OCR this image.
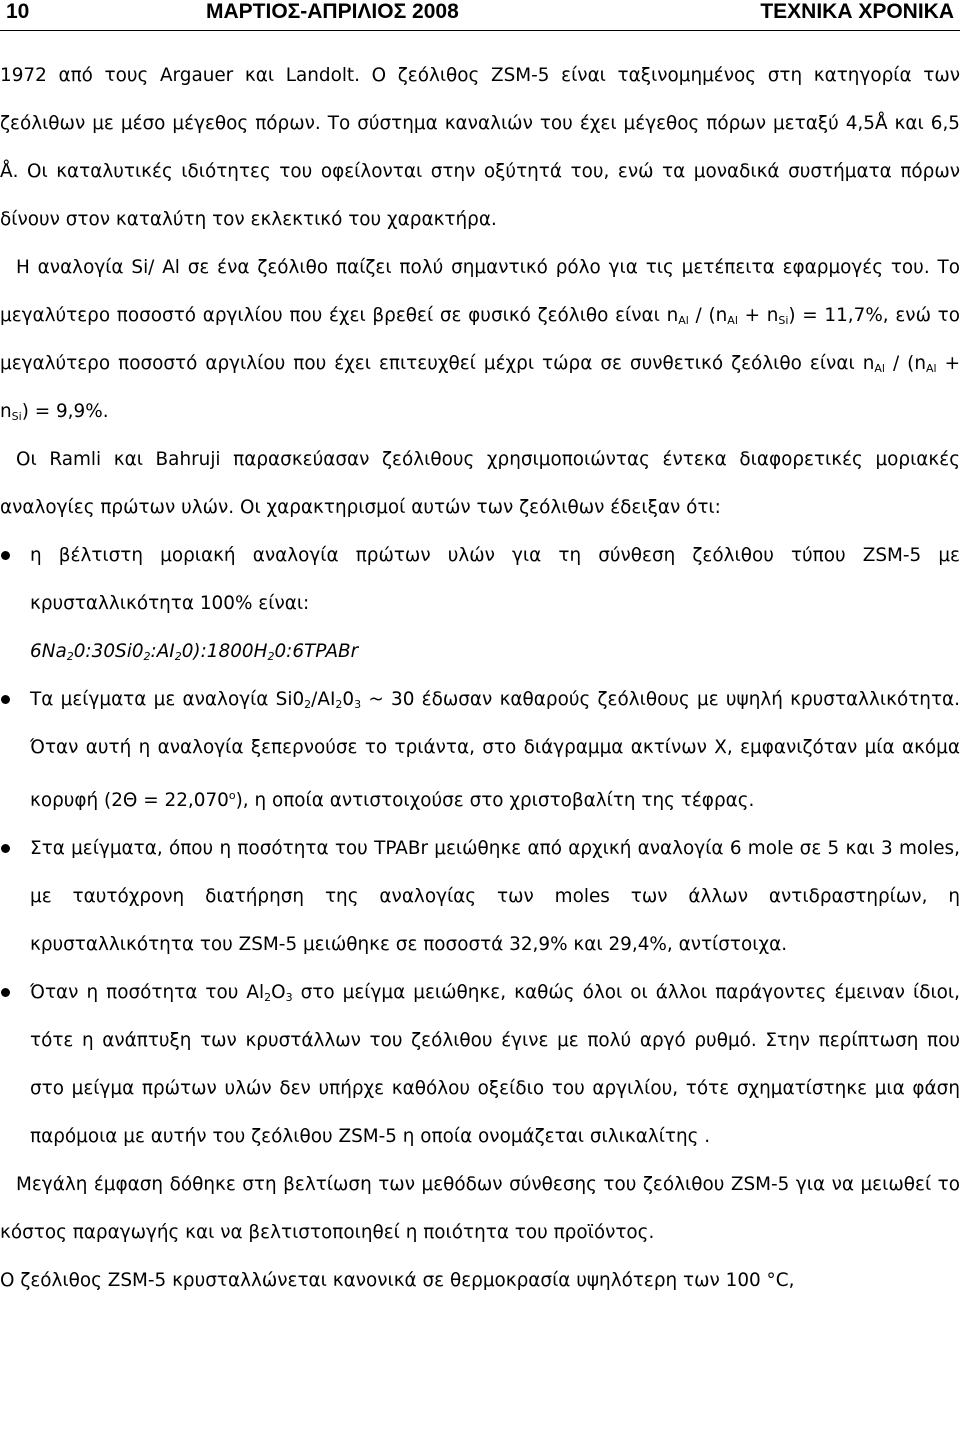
10	ΜΑΡΤΙΟΣ-ΑΠΡΙΛΙΟΣ 2008	ΤΕΧΝΙΚΑ ΧΡΟΝΙΚΑ

1972 από τους Argauer και Landolt. Ο ζεόλιθος ZSM-5 είναι ταξινομημένος στη κατηγορία των ζεόλιθων με μέσο μέγεθος πόρων. Το σύστημα καναλιών του έχει μέγεθος πόρων μεταξύ 4,5Å και 6,5 Å. Οι καταλυτικές ιδιότητες του οφείλονται στην οξύτητά του, ενώ τα μοναδικά συστήματα πόρων δίνουν στον καταλύτη τον εκλεκτικό του χαρακτήρα.

Η αναλογία Si/ Al σε ένα ζεόλιθο παίζει πολύ σημαντικό ρόλο για τις μετέπειτα εφαρμογές του. Το μεγαλύτερο ποσοστό αργιλίου που έχει βρεθεί σε φυσικό ζεόλιθο είναι $n_{Al} / (n_{Al} + n_{Si}) = 11,7\%$, ενώ το μεγαλύτερο ποσοστό αργιλίου που έχει επιτευχθεί μέχρι τώρα σε συνθετικό ζεόλιθο είναι $n_{Al} / (n_{Al} + n_{Si}) = 9,9\%$.

Οι Ramli και Bahruji παρασκεύασαν ζεόλιθους χρησιμοποιώντας έντεκα διαφορετικές μοριακές αναλογίες πρώτων υλών. Οι χαρακτηρισμοί αυτών των ζεόλιθων έδειξαν ότι:

η βέλτιστη μοριακή αναλογία πρώτων υλών για τη σύνθεση ζεόλιθου τύπου ZSM-5 με κρυσταλλικότητα 100% είναι:
$6Na_20:30Si0_2:AI_20):1800H_20:6TPABr$
Τα μείγματα με αναλογία $Si0_2/AI_20_3$ ~ 30 έδωσαν καθαρούς ζεόλιθους με υψηλή κρυσταλλικότητα. Όταν αυτή η αναλογία ξεπερνούσε το τριάντα, στο διάγραμμα ακτίνων Χ, εμφανιζόταν μία ακόμα κορυφή $(2\Theta = 22,070^o)$, η οποία αντιστοιχούσε στο χριστοβαλίτη της τέφρας.
Στα μείγματα, όπου η ποσότητα του TPABr μειώθηκε από αρχική αναλογία 6 mole σε 5 και 3 moles, με ταυτόχρονη διατήρηση της αναλογίας των moles των άλλων αντιδραστηρίων, η κρυσταλλικότητα του ZSM-5 μειώθηκε σε ποσοστά 32,9% και 29,4%, αντίστοιχα.
Όταν η ποσότητα του $Al_2O_3$ στο μείγμα μειώθηκε, καθώς όλοι οι άλλοι παράγοντες έμειναν ίδιοι, τότε η ανάπτυξη των κρυστάλλων του ζεόλιθου έγινε με πολύ αργό ρυθμό. Στην περίπτωση που στο μείγμα πρώτων υλών δεν υπήρχε καθόλου οξείδιο του αργιλίου, τότε σχηματίστηκε μια φάση παρόμοια με αυτήν του ζεόλιθου ZSM-5 η οποία ονομάζεται σιλικαλίτης .

Μεγάλη έμφαση δόθηκε στη βελτίωση των μεθόδων σύνθεσης του ζεόλιθου ZSM-5 για να μειωθεί το κόστος παραγωγής και να βελτιστοποιηθεί η ποιότητα του προϊόντος.

Ο ζεόλιθος ZSM-5 κρυσταλλώνεται κανονικά σε θερμοκρασία υψηλότερη των 100 °C,
